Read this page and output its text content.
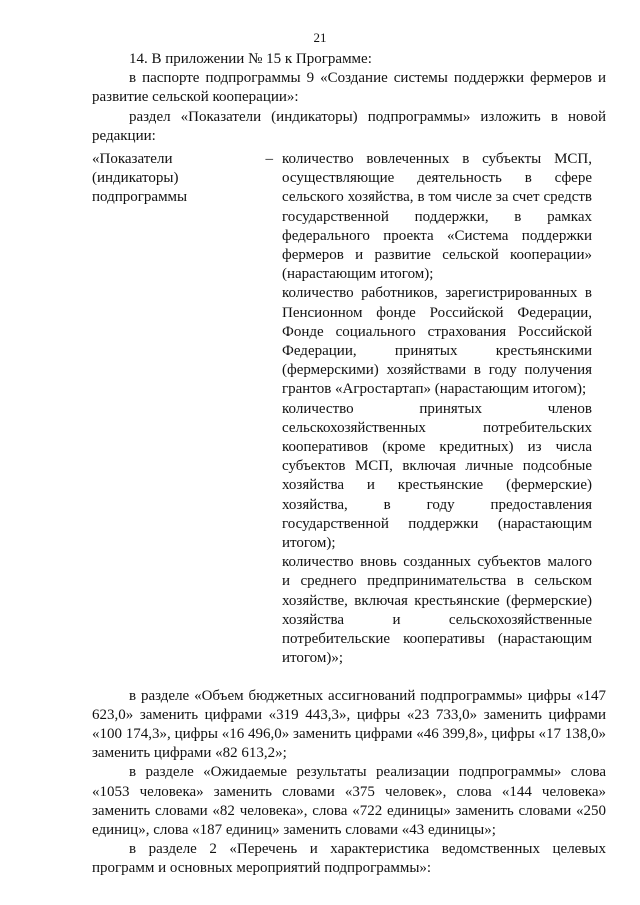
21

14. В приложении № 15 к Программе:

в паспорте подпрограммы 9 «Создание системы поддержки фермеров и развитие сельской кооперации»:

раздел «Показатели (индикаторы) подпрограммы» изложить в новой редакции:

«Показатели (индикаторы) подпрограммы
– количество вовлеченных в субъекты МСП, осуществляющие деятельность в сфере сельского хозяйства, в том числе за счет средств государственной поддержки, в рамках федерального проекта «Система поддержки фермеров и развитие сельской кооперации» (нарастающим итогом);

количество работников, зарегистрированных в Пенсионном фонде Российской Федерации, Фонде социального страхования Российской Федерации, принятых крестьянскими (фермерскими) хозяйствами в году получения грантов «Агростартап» (нарастающим итогом);

количество принятых членов сельскохозяйственных потребительских кооперативов (кроме кредитных) из числа субъектов МСП, включая личные подсобные хозяйства и крестьянские (фермерские) хозяйства, в году предоставления государственной поддержки (нарастающим итогом);

количество вновь созданных субъектов малого и среднего предпринимательства в сельском хозяйстве, включая крестьянские (фермерские) хозяйства и сельскохозяйственные потребительские кооперативы (нарастающим итогом)»;

в разделе «Объем бюджетных ассигнований подпрограммы» цифры «147 623,0» заменить цифрами «319 443,3», цифры «23 733,0» заменить цифрами «100 174,3», цифры «16 496,0» заменить цифрами «46 399,8», цифры «17 138,0» заменить цифрами «82 613,2»;

в разделе «Ожидаемые результаты реализации подпрограммы» слова «1053 человека» заменить словами «375 человек», слова «144 человека» заменить словами «82 человека», слова «722 единицы» заменить словами «250 единиц», слова «187 единиц» заменить словами «43 единицы»;

в разделе 2 «Перечень и характеристика ведомственных целевых программ и основных мероприятий подпрограммы»:
